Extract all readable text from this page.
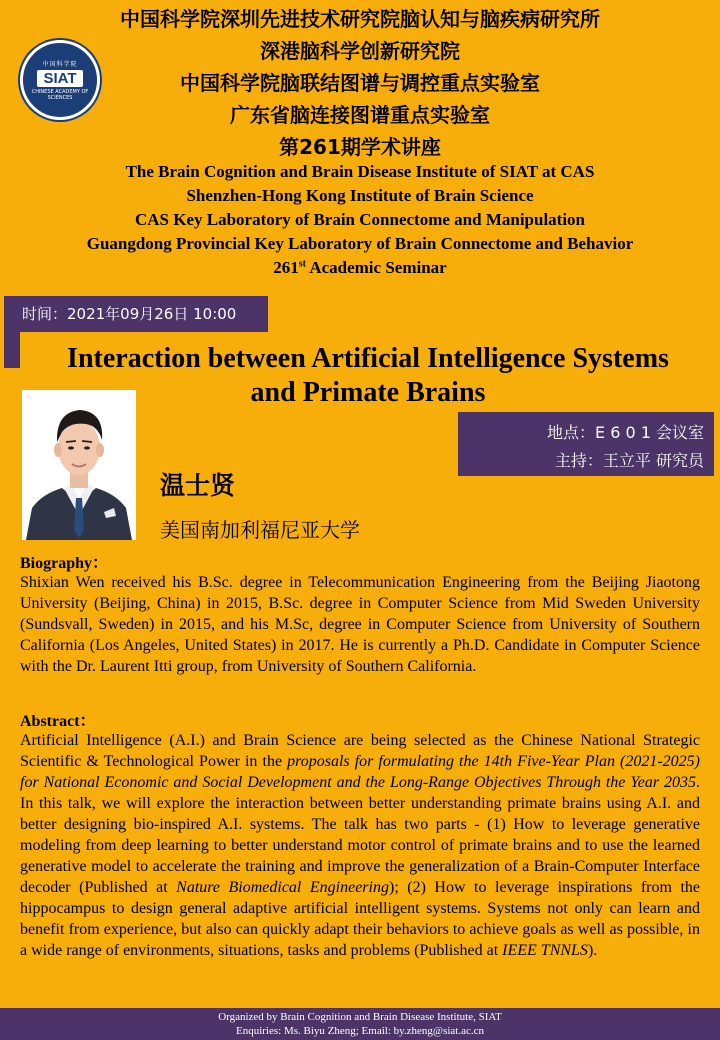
中国科学院
SIAT
CHINESE ACADEMY OF SCIENCES
中国科学院深圳先进技术研究院脑认知与脑疾病研究所
深港脑科学创新研究院
中国科学院脑联结图谱与调控重点实验室
广东省脑连接图谱重点实验室
第261期学术讲座
The Brain Cognition and Brain Disease Institute of SIAT at CAS
Shenzhen-Hong Kong Institute of Brain Science
CAS Key Laboratory of Brain Connectome and Manipulation
Guangdong Provincial Key Laboratory of Brain Connectome and Behavior
261st Academic Seminar
时间：2021年09月26日 10:00
Interaction between Artificial Intelligence Systems
and Primate Brains
地点：E 6 0 1 会议室
主持：王立平 研究员
温士贤
美国南加利福尼亚大学
Biography：
Shixian Wen received his B.Sc. degree in Telecommunication Engineering from the Beijing Jiaotong University (Beijing, China) in 2015, B.Sc. degree in Computer Science from Mid Sweden University (Sundsvall, Sweden) in 2015, and his M.Sc, degree in Computer Science from University of Southern California (Los Angeles, United States) in 2017. He is currently a Ph.D. Candidate in Computer Science with the Dr. Laurent Itti group, from University of Southern California.
Abstract：
Artificial Intelligence (A.I.) and Brain Science are being selected as the Chinese National Strategic Scientific & Technological Power in the proposals for formulating the 14th Five-Year Plan (2021-2025) for National Economic and Social Development and the Long-Range Objectives Through the Year 2035. In this talk, we will explore the interaction between better understanding primate brains using A.I. and better designing bio-inspired A.I. systems. The talk has two parts - (1) How to leverage generative modeling from deep learning to better understand motor control of primate brains and to use the learned generative model to accelerate the training and improve the generalization of a Brain-Computer Interface decoder (Published at Nature Biomedical Engineering); (2) How to leverage inspirations from the hippocampus to design general adaptive artificial intelligent systems. Systems not only can learn and benefit from experience, but also can quickly adapt their behaviors to achieve goals as well as possible, in a wide range of environments, situations, tasks and problems (Published at IEEE TNNLS).
Organized by Brain Cognition and Brain Disease Institute, SIAT
Enquiries: Ms. Biyu Zheng; Email: by.zheng@siat.ac.cn
